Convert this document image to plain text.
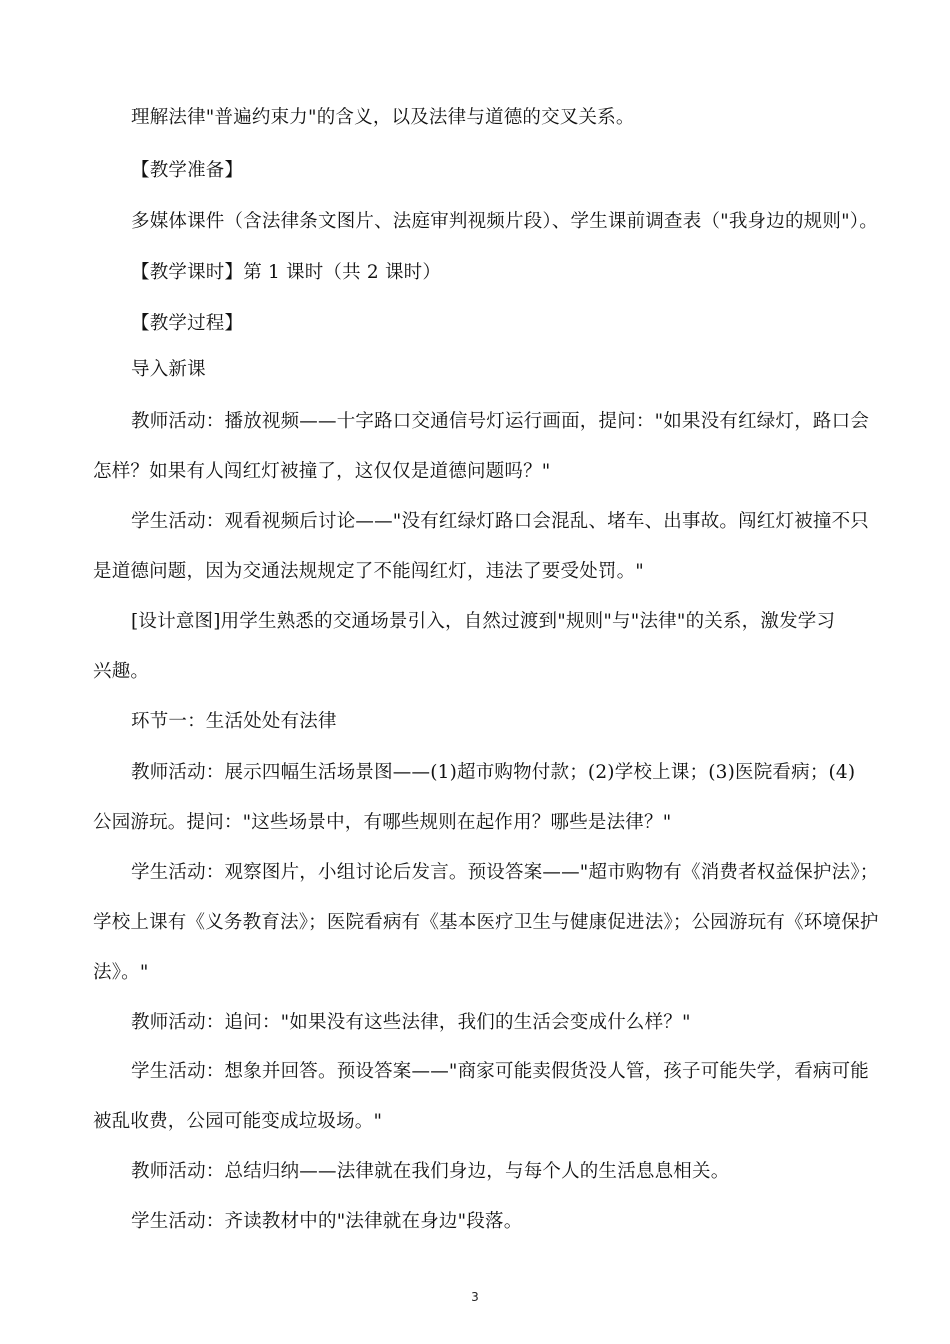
理解法律"普遍约束力"的含义，以及法律与道德的交叉关系。
【教学准备】
多媒体课件（含法律条文图片、法庭审判视频片段）、学生课前调查表（"我身边的规则"）。
【教学课时】第 1 课时（共 2 课时）
【教学过程】
导入新课
教师活动：播放视频——十字路口交通信号灯运行画面，提问："如果没有红绿灯，路口会
怎样？如果有人闯红灯被撞了，这仅仅是道德问题吗？"
学生活动：观看视频后讨论——"没有红绿灯路口会混乱、堵车、出事故。闯红灯被撞不只
是道德问题，因为交通法规规定了不能闯红灯，违法了要受处罚。"
[设计意图]用学生熟悉的交通场景引入，自然过渡到"规则"与"法律"的关系，激发学习
兴趣。
环节一：生活处处有法律
教师活动：展示四幅生活场景图——(1)超市购物付款；(2)学校上课；(3)医院看病；(4)
公园游玩。提问："这些场景中，有哪些规则在起作用？哪些是法律？"
学生活动：观察图片，小组讨论后发言。预设答案——"超市购物有《消费者权益保护法》；
学校上课有《义务教育法》；医院看病有《基本医疗卫生与健康促进法》；公园游玩有《环境保护
法》。"
教师活动：追问："如果没有这些法律，我们的生活会变成什么样？"
学生活动：想象并回答。预设答案——"商家可能卖假货没人管，孩子可能失学，看病可能
被乱收费，公园可能变成垃圾场。"
教师活动：总结归纳——法律就在我们身边，与每个人的生活息息相关。
学生活动：齐读教材中的"法律就在身边"段落。
3
